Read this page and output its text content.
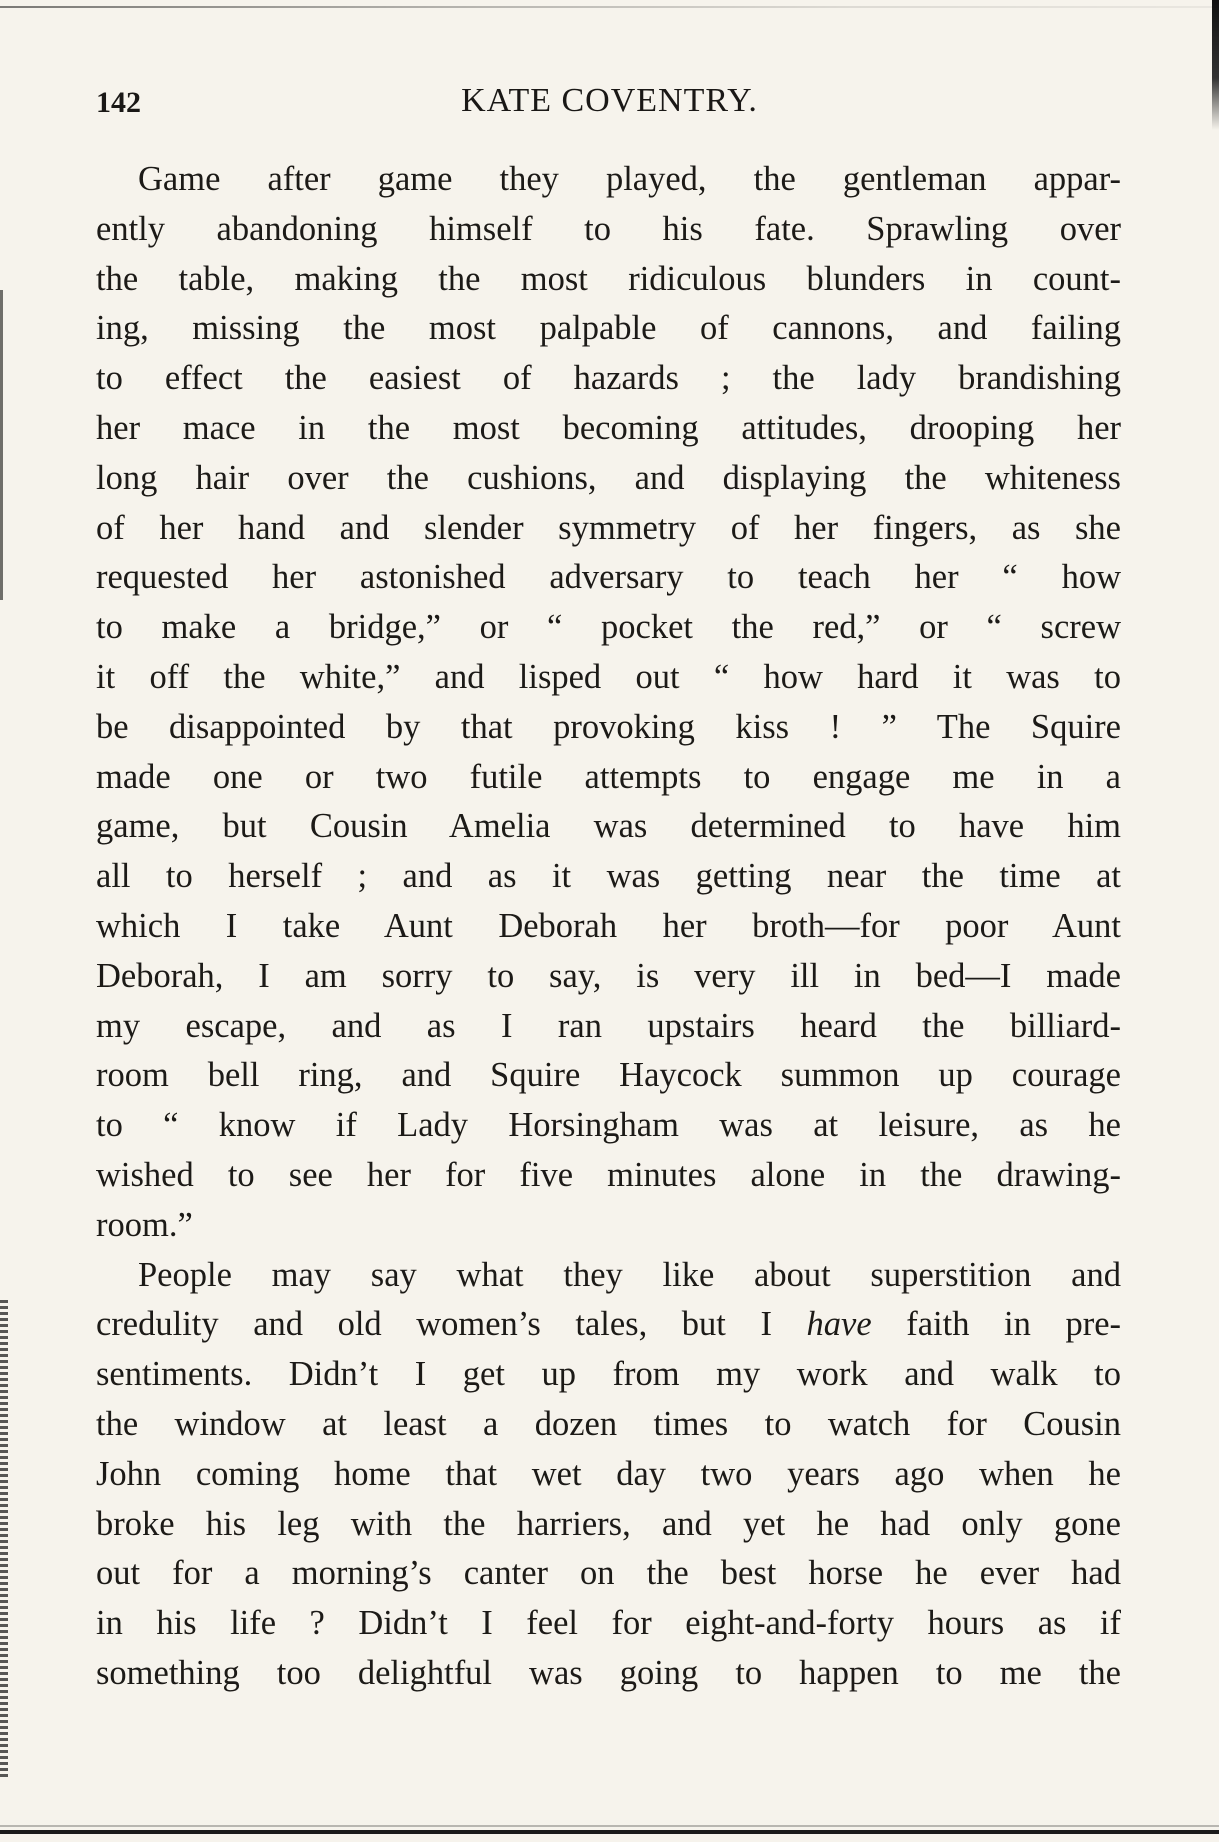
142	KATE COVENTRY.
Game after game they played, the gentleman appar-
ently abandoning himself to his fate. Sprawling over
the table, making the most ridiculous blunders in count-
ing, missing the most palpable of cannons, and failing
to effect the easiest of hazards ; the lady brandishing
her mace in the most becoming attitudes, drooping her
long hair over the cushions, and displaying the whiteness
of her hand and slender symmetry of her fingers, as she
requested her astonished adversary to teach her “ how
to make a bridge,” or “ pocket the red,” or “ screw
it off the white,” and lisped out “ how hard it was to
be disappointed by that provoking kiss ! ” The Squire
made one or two futile attempts to engage me in a
game, but Cousin Amelia was determined to have him
all to herself ; and as it was getting near the time at
which I take Aunt Deborah her broth—for poor Aunt
Deborah, I am sorry to say, is very ill in bed—I made
my escape, and as I ran upstairs heard the billiard-
room bell ring, and Squire Haycock summon up courage
to “ know if Lady Horsingham was at leisure, as he
wished to see her for five minutes alone in the drawing-
room.”
People may say what they like about superstition and
credulity and old women’s tales, but I have faith in pre-
sentiments. Didn’t I get up from my work and walk to
the window at least a dozen times to watch for Cousin
John coming home that wet day two years ago when he
broke his leg with the harriers, and yet he had only gone
out for a morning’s canter on the best horse he ever had
in his life ? Didn’t I feel for eight-and-forty hours as if
something too delightful was going to happen to me the
